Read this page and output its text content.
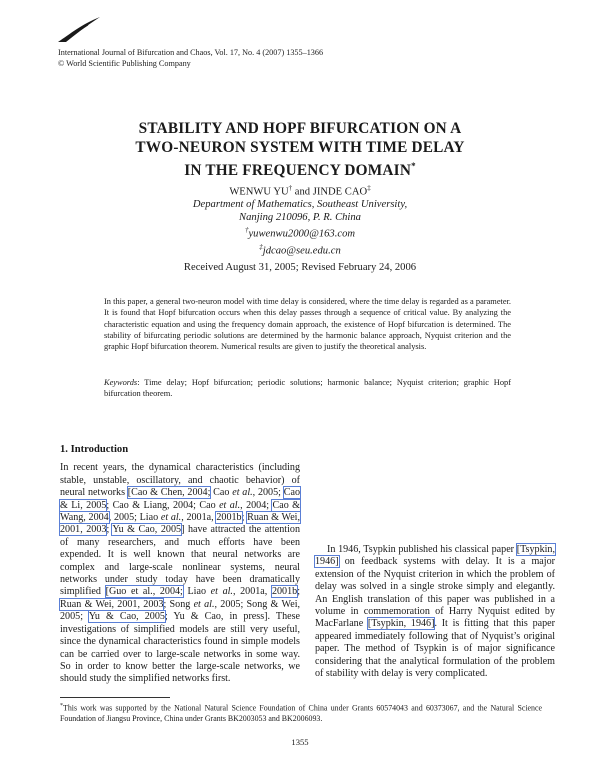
International Journal of Bifurcation and Chaos, Vol. 17, No. 4 (2007) 1355–1366
© World Scientific Publishing Company
STABILITY AND HOPF BIFURCATION ON A
TWO-NEURON SYSTEM WITH TIME DELAY
IN THE FREQUENCY DOMAIN*
WENWU YU† and JINDE CAO‡
Department of Mathematics, Southeast University,
Nanjing 210096, P. R. China
†yuwenwu2000@163.com
‡jdcao@seu.edu.cn
Received August 31, 2005; Revised February 24, 2006
In this paper, a general two-neuron model with time delay is considered, where the time delay is regarded as a parameter. It is found that Hopf bifurcation occurs when this delay passes through a sequence of critical value. By analyzing the characteristic equation and using the frequency domain approach, the existence of Hopf bifurcation is determined. The stability of bifurcating periodic solutions are determined by the harmonic balance approach, Nyquist criterion and the graphic Hopf bifurcation theorem. Numerical results are given to justify the theoretical analysis.
Keywords: Time delay; Hopf bifurcation; periodic solutions; harmonic balance; Nyquist criterion; graphic Hopf bifurcation theorem.
1. Introduction

In recent years, the dynamical characteristics (including stable, unstable, oscillatory, and chaotic behavior) of neural networks [Cao & Chen, 2004; Cao et al., 2005; Cao & Li, 2005; Cao & Liang, 2004; Cao et al., 2004; Cao & Wang, 2004, 2005; Liao et al., 2001a, 2001b; Ruan & Wei, 2001, 2003; Yu & Cao, 2005] have attracted the attention of many researchers, and much efforts have been expended. It is well known that neural networks are complex and large-scale nonlinear systems, neural networks under study today have been dramatically simplified [Guo et al., 2004; Liao et al., 2001a, 2001b; Ruan & Wei, 2001, 2003; Song et al., 2005; Song & Wei, 2005; Yu & Cao, 2005; Yu & Cao, in press]. These investigations of simplified models are still very useful, since the dynamical characteristics found in simple models can be carried over to large-scale networks in some way. So in order to know better the large-scale networks, we should study the simplified networks first.

In 1946, Tsypkin published his classical paper [Tsypkin, 1946] on feedback systems with delay. It is a major extension of the Nyquist criterion in which the problem of delay was solved in a single stroke simply and elegantly. An English translation of this paper was published in a volume in commemoration of Harry Nyquist edited by MacFarlane [Tsypkin, 1946]. It is fitting that this paper appeared immediately following that of Nyquist’s original paper. The method of Tsypkin is of major significance considering that the analytical formulation of the problem of stability with delay is very complicated.

*This work was supported by the National Natural Science Foundation of China under Grants 60574043 and 60373067, and the Natural Science Foundation of Jiangsu Province, China under Grants BK2003053 and BK2006093.
1355
